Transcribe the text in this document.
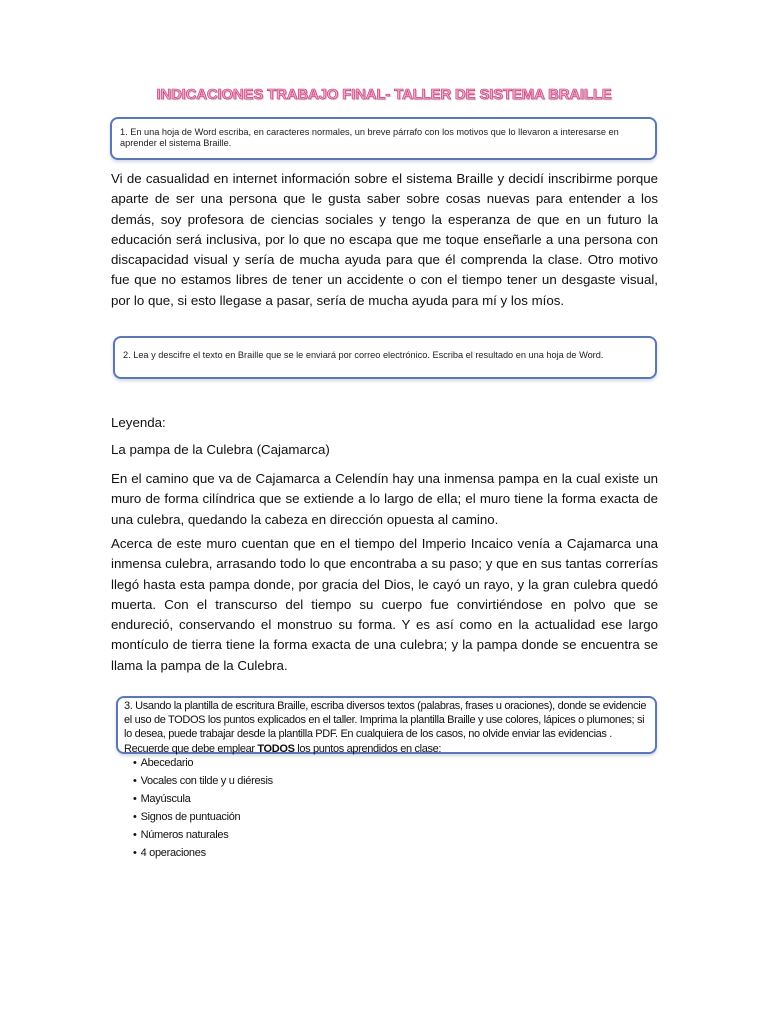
INDICACIONES TRABAJO FINAL- TALLER DE SISTEMA BRAILLE
1. En una hoja de Word escriba, en caracteres normales, un breve párrafo con los motivos que lo llevaron a interesarse en aprender el sistema Braille.
Vi de casualidad en internet información sobre el sistema Braille y decidí inscribirme porque aparte de ser una persona que le gusta saber sobre cosas nuevas para entender a los demás, soy profesora de ciencias sociales y tengo la esperanza de que en un futuro la educación será inclusiva, por lo que no escapa que me toque enseñarle a una persona con discapacidad visual y sería de mucha ayuda para que él comprenda la clase. Otro motivo fue que no estamos libres de tener un accidente o con el tiempo tener un desgaste visual, por lo que, si esto llegase a pasar, sería de mucha ayuda para mí y los míos.
2. Lea y descifre el texto en Braille que se le enviará por correo electrónico. Escriba el resultado en una hoja de Word.
Leyenda:
La pampa de la Culebra (Cajamarca)
En el camino que va de Cajamarca a Celendín hay una inmensa pampa en la cual existe un muro de forma cilíndrica que se extiende a lo largo de ella; el muro tiene la forma exacta de una culebra, quedando la cabeza en dirección opuesta al camino.
Acerca de este muro cuentan que en el tiempo del Imperio Incaico venía a Cajamarca una inmensa culebra, arrasando todo lo que encontraba a su paso; y que en sus tantas correrías llegó hasta esta pampa donde, por gracia del Dios, le cayó un rayo, y la gran culebra quedó muerta. Con el transcurso del tiempo su cuerpo fue convirtiéndose en polvo que se endureció, conservando el monstruo su forma. Y es así como en la actualidad ese largo montículo de tierra tiene la forma exacta de una culebra; y la pampa donde se encuentra se llama la pampa de la Culebra.
3. Usando la plantilla de escritura Braille, escriba diversos textos (palabras, frases u oraciones), donde se evidencie el uso de TODOS los puntos explicados en el taller. Imprima la plantilla Braille y use colores, lápices o plumones; si lo desea, puede trabajar desde la plantilla PDF. En cualquiera de los casos, no olvide enviar las evidencias . Recuerde que debe emplear TODOS los puntos aprendidos en clase:
• Abecedario
• Vocales con tilde y u diéresis
• Mayúscula
• Signos de puntuación
• Números naturales
• 4 operaciones
